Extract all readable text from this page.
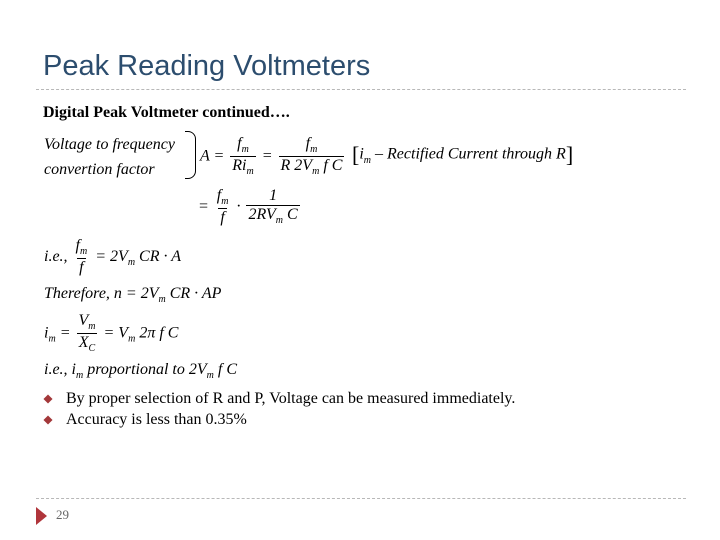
Peak Reading Voltmeters
Digital Peak Voltmeter continued….
Voltage to frequency
convertion factor
$A = \frac{f_m}{Ri_m} = \frac{f_m}{R 2V_m f C} [i_m$ – Rectified Current through R]
= $\frac{f_m}{f} \cdot \frac{1}{2RV_m C}$
i.e., $\frac{f_m}{f} = 2V_m$ CR · A
Therefore, $n = 2V_m$ CR · AP
$i_m = \frac{V_m}{X_C} = V_m$ 2π f C
i.e., $i_m$ proportional to $2V_m$ f C
By proper selection of R and P, Voltage can be measured immediately.
Accuracy is less than 0.35%
29
